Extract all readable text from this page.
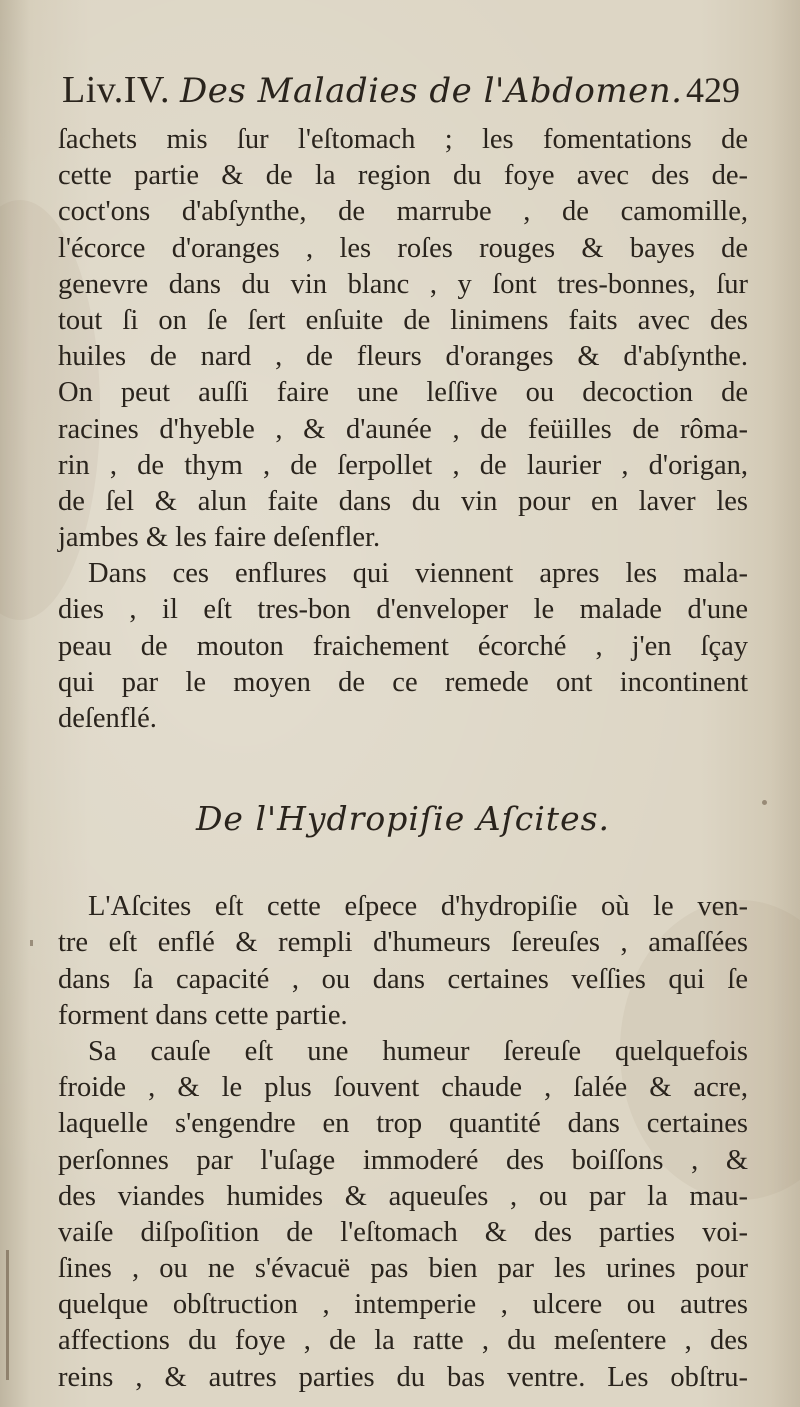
Liv.IV. Des Maladies de l'Abdomen. 429
ſachets mis ſur l'eſtomach ; les fomentations de
cette partie & de la region du foye avec des de-
coct'ons d'abſynthe, de marrube , de camomille,
l'écorce d'oranges , les roſes rouges & bayes de
genevre dans du vin blanc , y ſont tres-bonnes, ſur
tout ſi on ſe ſert enſuite de linimens faits avec des
huiles de nard , de fleurs d'oranges & d'abſynthe.
On peut auſſi faire une leſſive ou decoction de
racines d'hyeble , & d'aunée , de feüilles de rôma-
rin , de thym , de ſerpollet , de laurier , d'origan,
de ſel & alun faite dans du vin pour en laver les
jambes & les faire deſenfler.
Dans ces enflures qui viennent apres les mala-
dies , il eſt tres-bon d'enveloper le malade d'une
peau de mouton fraichement écorché , j'en ſçay
qui par le moyen de ce remede ont incontinent
deſenflé.
De l'Hydropiſie Aſcites.
L'Aſcites eſt cette eſpece d'hydropiſie où le ven-
tre eſt enflé & rempli d'humeurs ſereuſes , amaſſées
dans ſa capacité , ou dans certaines veſſies qui ſe
forment dans cette partie.
Sa cauſe eſt une humeur ſereuſe quelquefois
froide , & le plus ſouvent chaude , ſalée & acre,
laquelle s'engendre en trop quantité dans certaines
perſonnes par l'uſage immoderé des boiſſons , &
des viandes humides & aqueuſes , ou par la mau-
vaiſe diſpoſition de l'eſtomach & des parties voi-
ſines , ou ne s'évacuë pas bien par les urines pour
quelque obſtruction , intemperie , ulcere ou autres
affections du foye , de la ratte , du meſentere , des
reins , & autres parties du bas ventre. Les obſtru-
